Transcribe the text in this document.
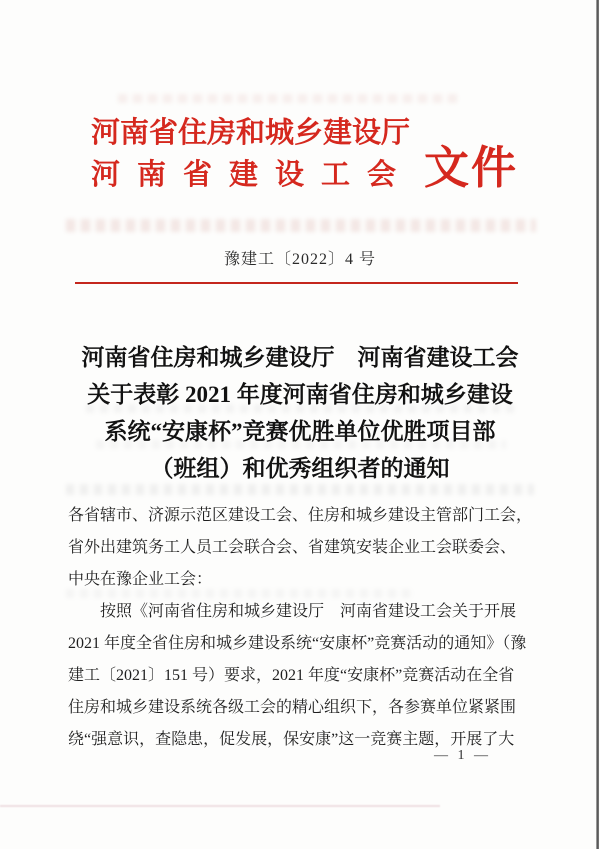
河南省住房和城乡建设厅
河南省建设工会 文件
豫建工〔2022〕4 号
河南省住房和城乡建设厅　河南省建设工会
关于表彰 2021 年度河南省住房和城乡建设
系统“安康杯”竞赛优胜单位优胜项目部
（班组）和优秀组织者的通知
各省辖市、济源示范区建设工会、住房和城乡建设主管部门工会，
省外出建筑务工人员工会联合会、省建筑安装企业工会联委会、
中央在豫企业工会：
按照《河南省住房和城乡建设厅　河南省建设工会关于开展
2021 年度全省住房和城乡建设系统“安康杯”竞赛活动的通知》（豫
建工〔2021〕151 号）要求，2021 年度“安康杯”竞赛活动在全省
住房和城乡建设系统各级工会的精心组织下，各参赛单位紧紧围
绕“强意识，查隐患，促发展，保安康”这一竞赛主题，开展了大
— 1 —
